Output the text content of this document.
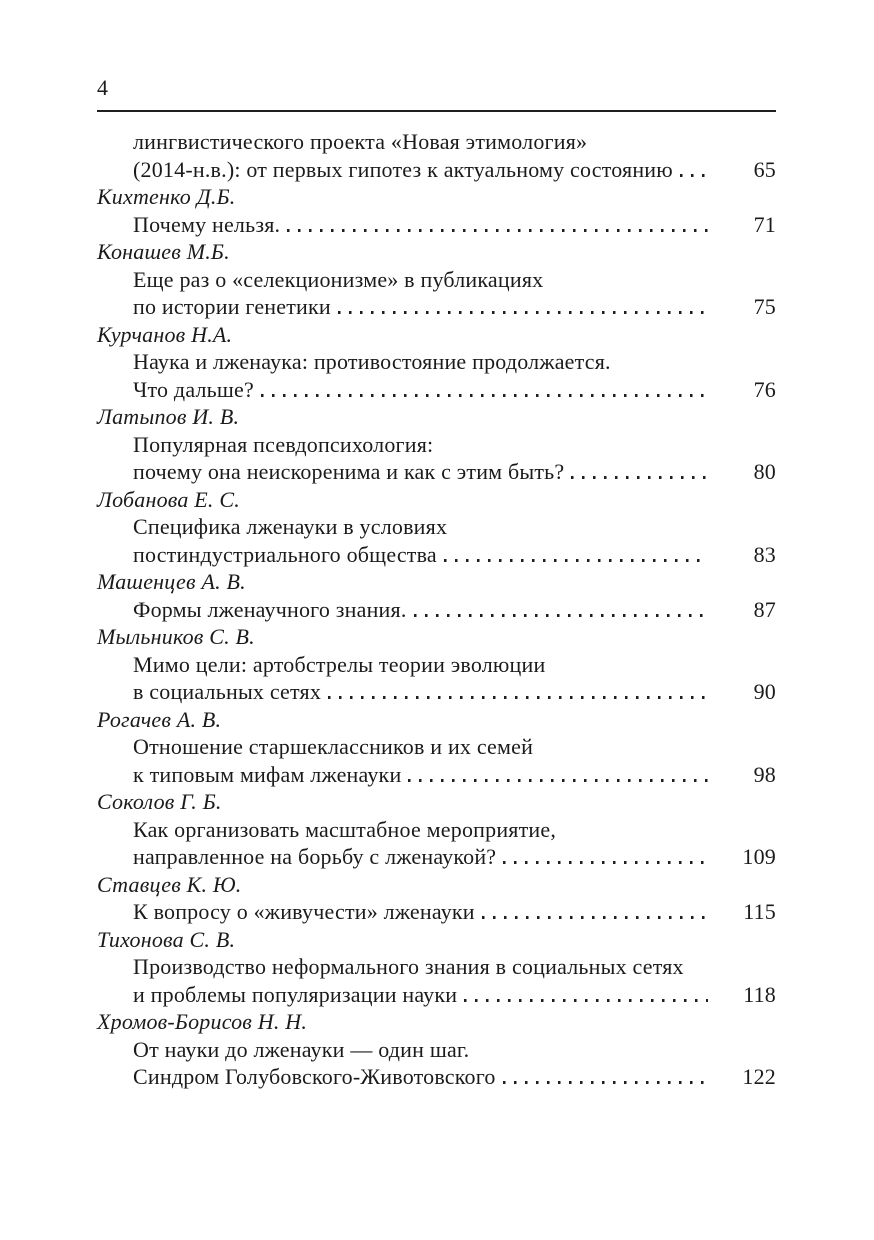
4
лингвистического проекта «Новая этимология»
(2014-н.в.): от первых гипотез к актуальному состоянию	65
Кихтенко Д.Б.
Почему нельзя.	71
Конашев М.Б.
Еще раз о «селекционизме» в публикациях
по истории генетики	75
Курчанов Н.А.
Наука и лженаука: противостояние продолжается.
Что дальше?	76
Латыпов И. В.
Популярная псевдопсихология:
почему она неискоренима и как с этим быть?	80
Лобанова Е. С.
Специфика лженауки в условиях
постиндустриального общества	83
Машенцев А. В.
Формы лженаучного знания.	87
Мыльников С. В.
Мимо цели: артобстрелы теории эволюции
в социальных сетях	90
Рогачев А. В.
Отношение старшеклассников и их семей
к типовым мифам лженауки	98
Соколов Г. Б.
Как организовать масштабное мероприятие,
направленное на борьбу с лженаукой?	109
Ставцев К. Ю.
К вопросу о «живучести» лженауки	115
Тихонова С. В.
Производство неформального знания в социальных сетях
и проблемы популяризации науки	118
Хромов-Борисов Н. Н.
От науки до лженауки — один шаг.
Синдром Голубовского-Животовского	122
